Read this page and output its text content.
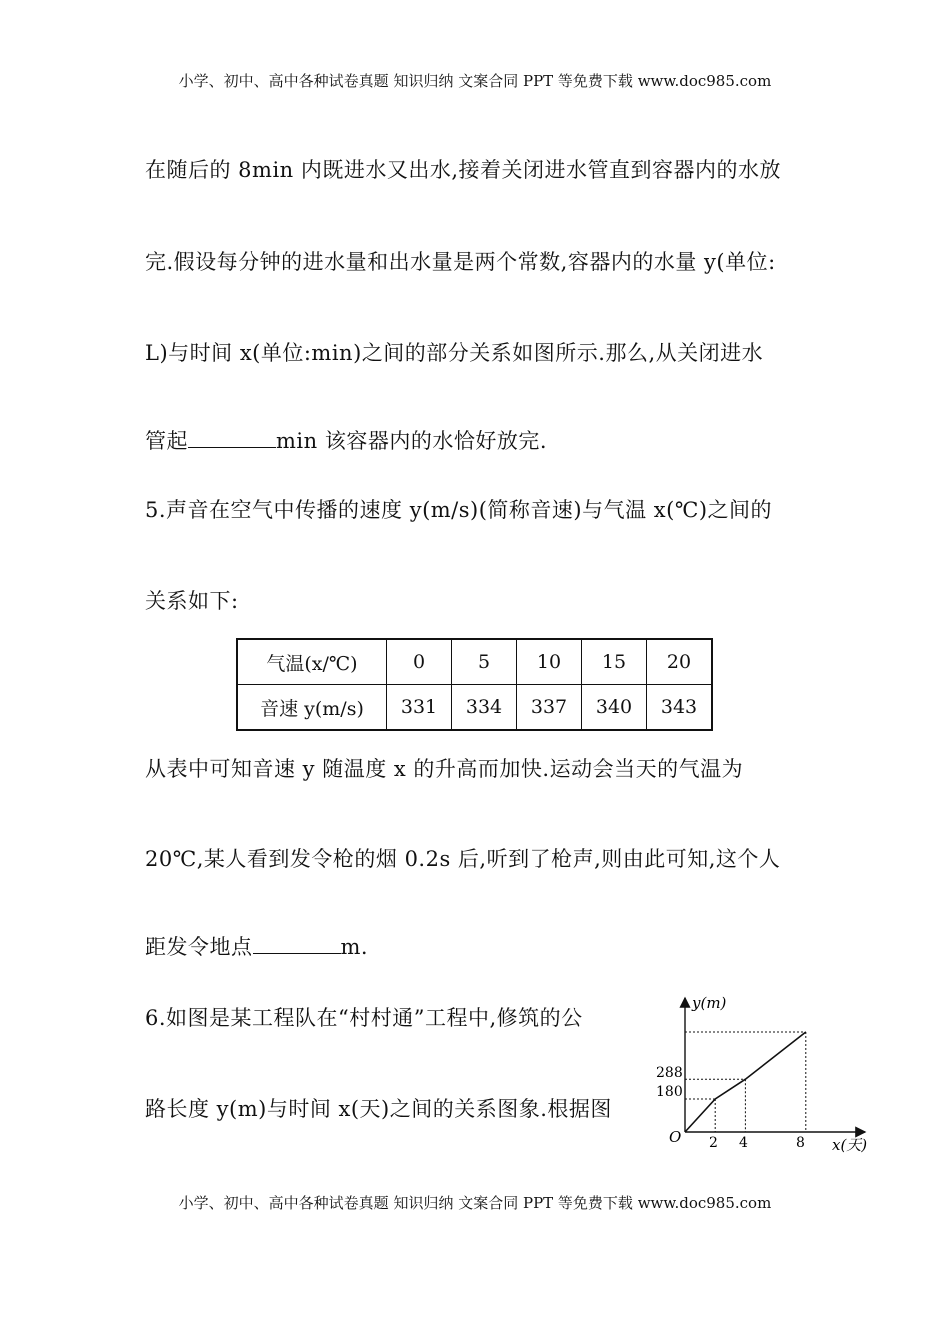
小学、初中、高中各种试卷真题 知识归纳 文案合同 PPT 等免费下载 www.doc985.com
在随后的 8min 内既进水又出水,接着关闭进水管直到容器内的水放
完.假设每分钟的进水量和出水量是两个常数,容器内的水量 y(单位:
L)与时间 x(单位:min)之间的部分关系如图所示.那么,从关闭进水
管起	min 该容器内的水恰好放完.
5.声音在空气中传播的速度 y(m/s)(简称音速)与气温 x(℃)之间的
关系如下:
气温(x/℃)	0	5	10	15	20
音速 y(m/s)	331	334	337	340	343
从表中可知音速 y 随温度 x 的升高而加快.运动会当天的气温为
20℃,某人看到发令枪的烟 0.2s 后,听到了枪声,则由此可知,这个人
距发令地点	m.
6.如图是某工程队在“村村通”工程中,修筑的公
路长度 y(m)与时间 x(天)之间的关系图象.根据图
y(m)
x(天)
O 2 4	8
288
180
小学、初中、高中各种试卷真题 知识归纳 文案合同 PPT 等免费下载 www.doc985.com
